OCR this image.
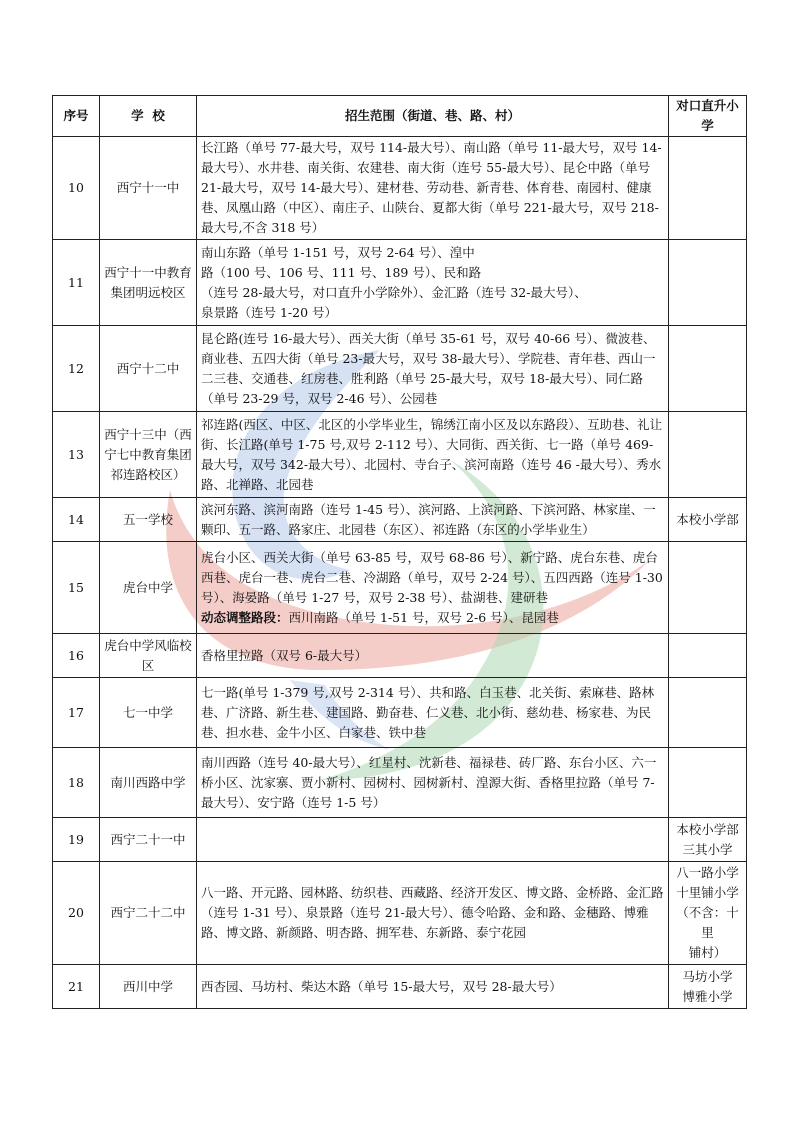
序号	学  校	招生范围（街道、巷、路、村）	对口直升小学
10	西宁十一中	长江路（单号 77-最大号，双号 114-最大号）、南山路（单号 11-最大号，双号 14-最大号）、水井巷、南关街、农建巷、南大街（连号 55-最大号）、昆仑中路（单号 21-最大号，双号 14-最大号）、建材巷、劳动巷、新青巷、体育巷、南园村、健康巷、凤凰山路（中区）、南庄子、山陕台、夏都大街（单号 221-最大号，双号 218-最大号,不含 318 号）	
11	西宁十一中教育集团明远校区	南山东路（单号 1-151 号，双号 2-64 号）、湟中
路（100 号、106 号、111 号、189 号）、民和路
（连号 28-最大号，对口直升小学除外）、金汇路（连号 32-最大号）、
泉景路（连号 1-20 号）	

12	西宁十二中	昆仑路(连号 16-最大号）、西关大街（单号 35-61 号，双号 40-66 号）、微波巷、商业巷、五四大街（单号 23-最大号，双号 38-最大号）、学院巷、青年巷、西山一二三巷、交通巷、红房巷、胜利路（单号 25-最大号，双号 18-最大号）、同仁路（单号 23-29 号，双号 2-46 号）、公园巷	
13	西宁十三中（西宁七中教育集团祁连路校区）	祁连路(西区、中区、北区的小学毕业生，锦绣江南小区及以东路段）、互助巷、礼让街、长江路(单号 1-75 号,双号 2-112 号）、大同街、西关街、七一路（单号 469-最大号，双号 342-最大号）、北园村、寺台子、滨河南路（连号 46 -最大号）、秀水路、北禅路、北园巷	
14	五一学校	滨河东路、滨河南路（连号 1-45 号）、滨河路、上滨河路、下滨河路、林家崖、一颗印、五一路、路家庄、北园巷（东区）、祁连路（东区的小学毕业生）	本校小学部

15	虎台中学	虎台小区、西关大街（单号 63-85 号，双号 68-86 号）、新宁路、虎台东巷、虎台西巷、虎台一巷、虎台二巷、冷湖路（单号，双号 2-24 号）、五四西路（连号 1-30 号）、海晏路（单号 1-27 号，双号 2-38 号）、盐湖巷、建研巷
动态调整路段：西川南路（单号 1-51 号，双号 2-6 号）、昆园巷	
16	虎台中学风临校区	香格里拉路（双号 6-最大号）	
17	七一中学	七一路(单号 1-379 号,双号 2-314 号）、共和路、白玉巷、北关街、索麻巷、路林巷、广济路、新生巷、建国路、勤奋巷、仁义巷、北小街、慈幼巷、杨家巷、为民巷、担水巷、金牛小区、白家巷、铁中巷	
18	南川西路中学	南川西路（连号 40-最大号）、红星村、沈新巷、福禄巷、砖厂路、东台小区、六一桥小区、沈家寨、贾小新村、园树村、园树新村、湟源大街、香格里拉路（单号 7-最大号）、安宁路（连号 1-5 号）	
19	西宁二十一中		本校小学部
三其小学

20	西宁二十二中	八一路、开元路、园林路、纺织巷、西藏路、经济开发区、博文路、金桥路、金汇路（连号 1-31 号）、泉景路（连号 21-最大号）、德令哈路、金和路、金穗路、博雅路、博文路、新颜路、明杏路、拥军巷、东新路、泰宁花园	八一路小学
十里铺小学
（不含：十里
铺村）

21	西川中学	西杏园、马坊村、柴达木路（单号 15-最大号，双号 28-最大号）	马坊小学
博雅小学
